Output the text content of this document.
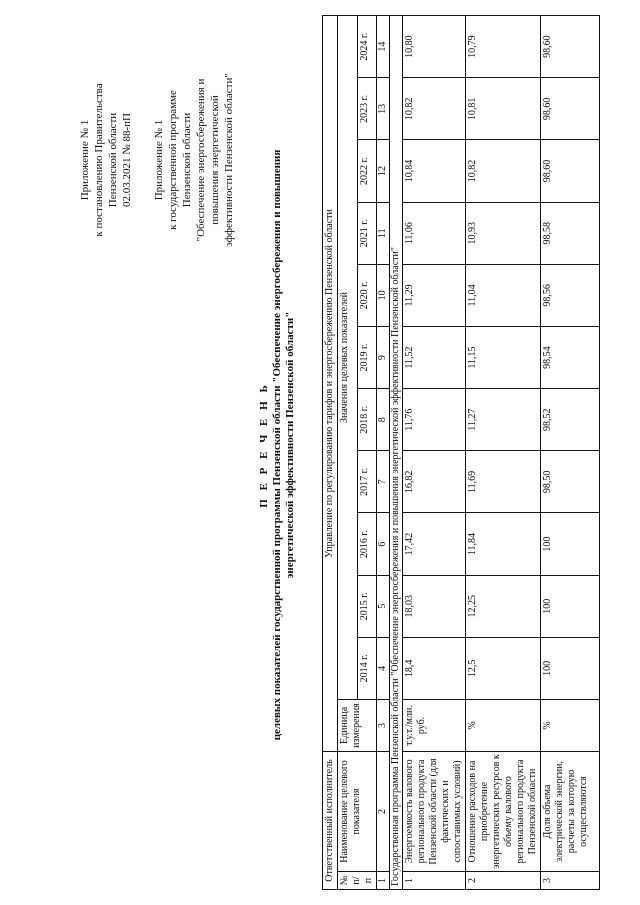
Приложение № 1 к постановлению Правительства Пензенской области 02.03.2021 № 88-пП Приложение № 1 к государственной программе Пензенской области "Обеспечение энергосбережения и повышения энергетической эффективности Пензенской области"
П Е Р Е Ч Е Н Ь целевых показателей государственной программы Пензенской области "Обеспечение энергосбережения и повышения энергетической эффективности Пензенской области"
Ответственный исполнитель		Управление по регулированию тарифов и энергосбережению Пензенской области											
№ п/п	Наименование целевого показателя	Единица измерения	Значения целевых показателей										
			2014 г.	2015 г.	2016 г.	2017 г.	2018 г.	2019 г.	2020 г.	2021 г.	2022 г.	2023 г.	2024 г.
1	2	3	4	5	6	7	8	9	10	11	12	13	14
Государственная программа Пензенской области "Обеспечение энергосбережения и повышения энергетической эффективности Пензенской области"													
1	Энергоемкость валового регионального продукта Пензенской области (для фактических и сопоставимых условий)	т.у.т./млн. руб.	18,4	18,03	17,42	16,82	11,76	11,52	11,29	11,06	10,84	10,82	10,80
2	Отношение расходов на приобретение энергетических ресурсов к объему валового регионального продукта Пензенской области	%	12,5	12,25	11,84	11,69	11,27	11,15	11,04	10,93	10,82	10,81	10,79
3	Доля объема электрической энергии, расчеты за которую осуществляются	%	100	100	100	98,50	98,52	98,54	98,56	98,58	98,60	98,60	98,60
